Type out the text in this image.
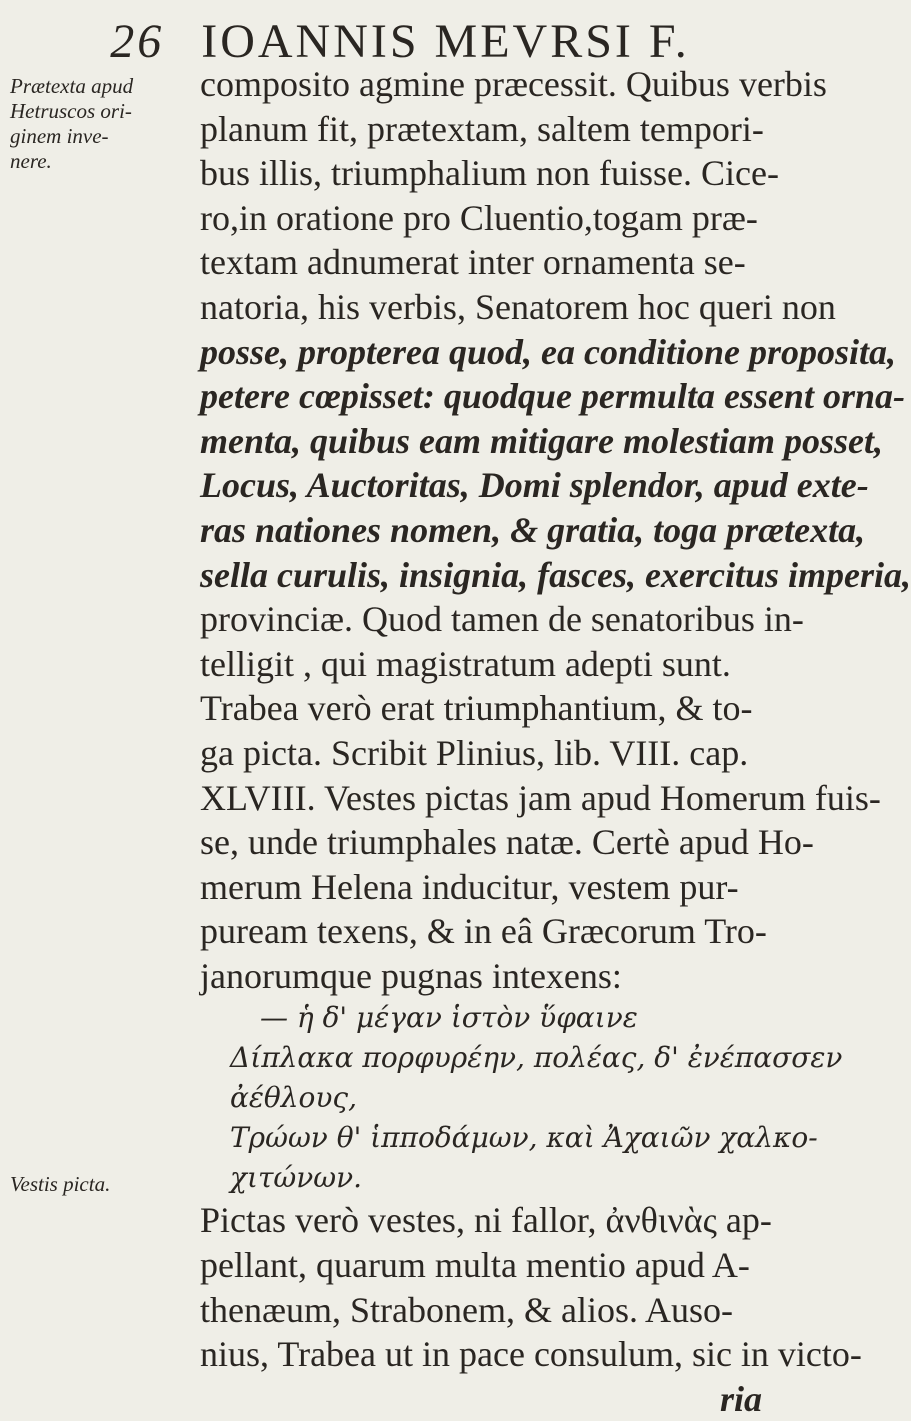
26 IOANNIS MEVRSI F.
Prætexta apud
Hetruscos ori-
ginem inve-
nere.
Vestis picta.
composito agmine præcessit. Quibus verbis
planum fit, prætextam, saltem tempori-
bus illis, triumphalium non fuisse. Cice-
ro,in oratione pro Cluentio,togam præ-
textam adnumerat inter ornamenta se-
natoria, his verbis, Senatorem hoc queri non
posse, propterea quod, ea conditione proposita,
petere cœpisset: quodque permulta essent orna-
menta, quibus eam mitigare molestiam posset,
Locus, Auctoritas, Domi splendor, apud exte-
ras nationes nomen, & gratia, toga prætexta,
sella curulis, insignia, fasces, exercitus imperia,
provinciæ. Quod tamen de senatoribus in-
telligit , qui magistratum adepti sunt.
Trabea verò erat triumphantium, & to-
ga picta. Scribit Plinius, lib. VIII. cap.
XLVIII. Vestes pictas jam apud Homerum fuis-
se, unde triumphales natæ. Certè apud Ho-
merum Helena inducitur, vestem pur-
puream texens, & in eâ Græcorum Tro-
janorumque pugnas intexens:
— ἡ δ' μέγαν ἱστὸν ὕφαινε
Δίπλακα πορφυρέην, πολέας, δ' ἐνέπασσεν
ἀέθλους,
Τρώων θ' ἱπποδάμων, καὶ Ἀχαιῶν χαλκο-
χιτώνων.
Pictas verò vestes, ni fallor, ἀνθινὰς ap-
pellant, quarum multa mentio apud A-
thenæum, Strabonem, & alios. Auso-
nius, Trabea ut in pace consulum, sic in victo-
ria
